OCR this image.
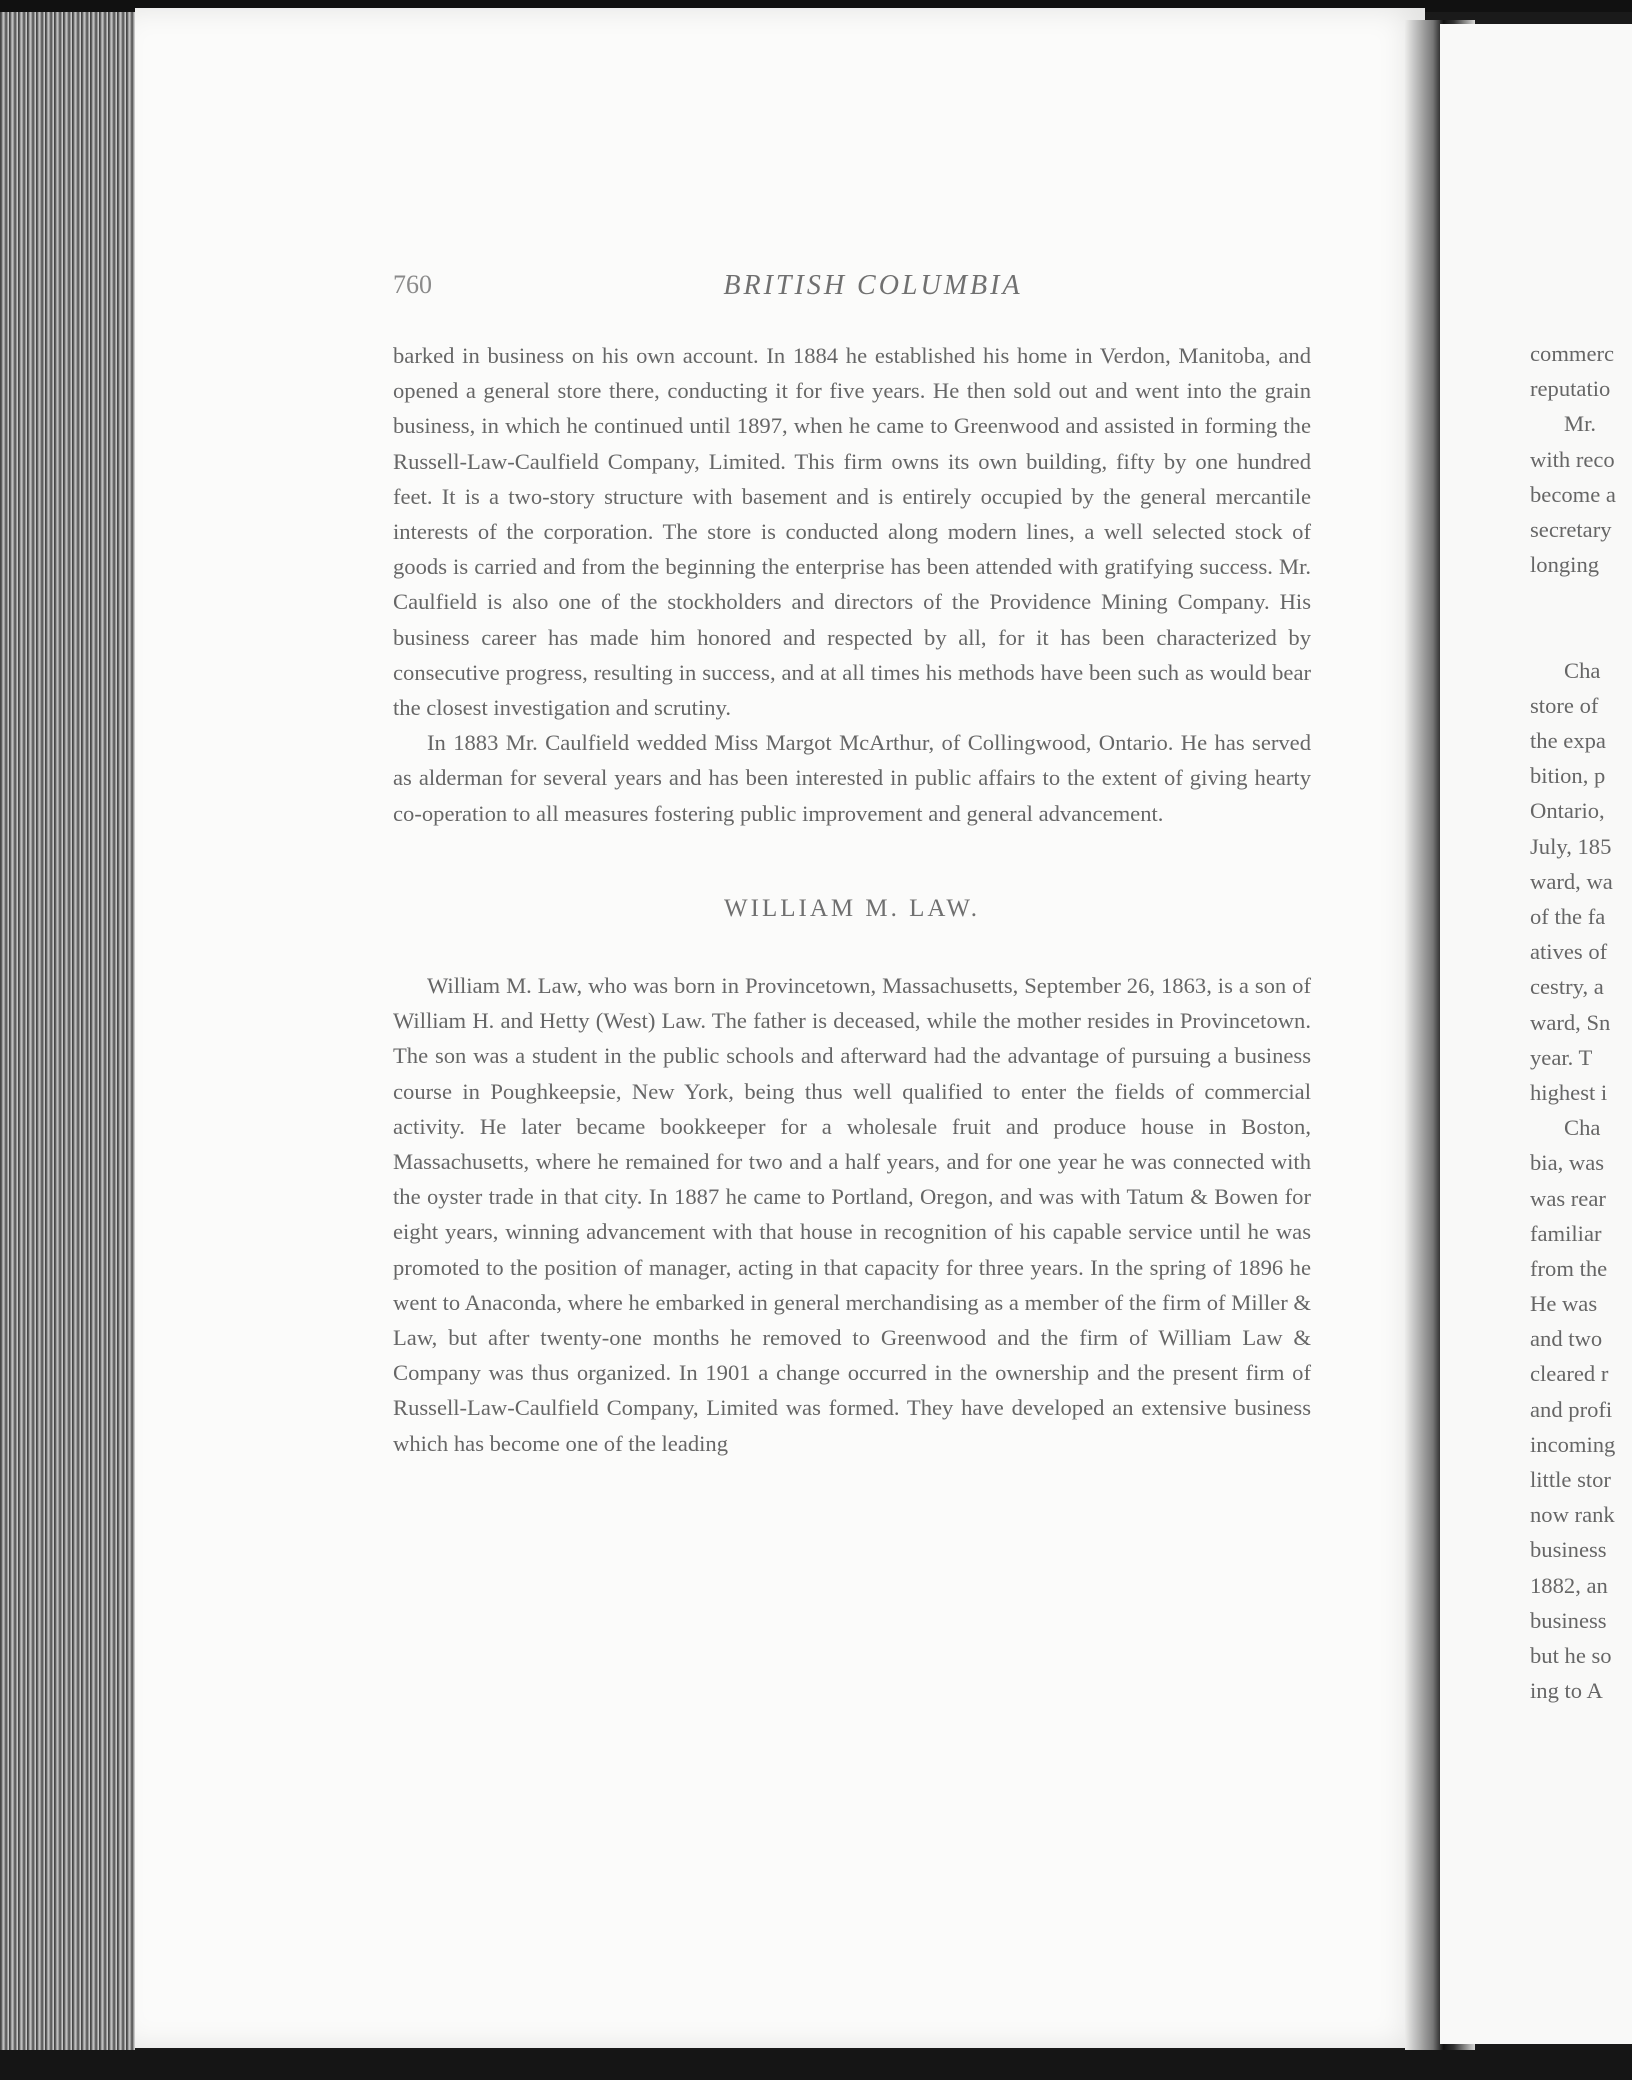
commerc
reputatio
Mr.
with reco
become a
secretary
longing
Cha
store of
the expa
bition, p
Ontario,
July, 185
ward, wa
of the fa
atives of
cestry, a
ward, Sn
year. T
highest i
Cha
bia, was
was rear
familiar
from the
He was
and two
cleared r
and profi
incoming
little stor
now rank
business
1882, an
business
but he so
ing to A
760	BRITISH COLUMBIA

barked in business on his own account. In 1884 he established his home in Verdon, Manitoba, and opened a general store there, conducting it for five years. He then sold out and went into the grain business, in which he continued until 1897, when he came to Greenwood and assisted in forming the Russell-Law-Caulfield Company, Limited. This firm owns its own building, fifty by one hundred feet. It is a two-story structure with basement and is entirely occupied by the general mercantile interests of the corporation. The store is conducted along modern lines, a well selected stock of goods is carried and from the beginning the enterprise has been attended with gratifying success. Mr. Caulfield is also one of the stockholders and directors of the Providence Mining Company. His business career has made him honored and respected by all, for it has been characterized by consecutive progress, resulting in success, and at all times his methods have been such as would bear the closest investigation and scrutiny.

In 1883 Mr. Caulfield wedded Miss Margot McArthur, of Collingwood, Ontario. He has served as alderman for several years and has been interested in public affairs to the extent of giving hearty co-operation to all measures fostering public improvement and general advancement.

WILLIAM M. LAW.

William M. Law, who was born in Provincetown, Massachusetts, September 26, 1863, is a son of William H. and Hetty (West) Law. The father is deceased, while the mother resides in Provincetown. The son was a student in the public schools and afterward had the advantage of pursuing a business course in Poughkeepsie, New York, being thus well qualified to enter the fields of commercial activity. He later became bookkeeper for a wholesale fruit and produce house in Boston, Massachusetts, where he remained for two and a half years, and for one year he was connected with the oyster trade in that city. In 1887 he came to Portland, Oregon, and was with Tatum & Bowen for eight years, winning advancement with that house in recognition of his capable service until he was promoted to the position of manager, acting in that capacity for three years. In the spring of 1896 he went to Anaconda, where he embarked in general merchandising as a member of the firm of Miller & Law, but after twenty-one months he removed to Greenwood and the firm of William Law & Company was thus organized. In 1901 a change occurred in the ownership and the present firm of Russell-Law-Caulfield Company, Limited was formed. They have developed an extensive business which has become one of the leading
